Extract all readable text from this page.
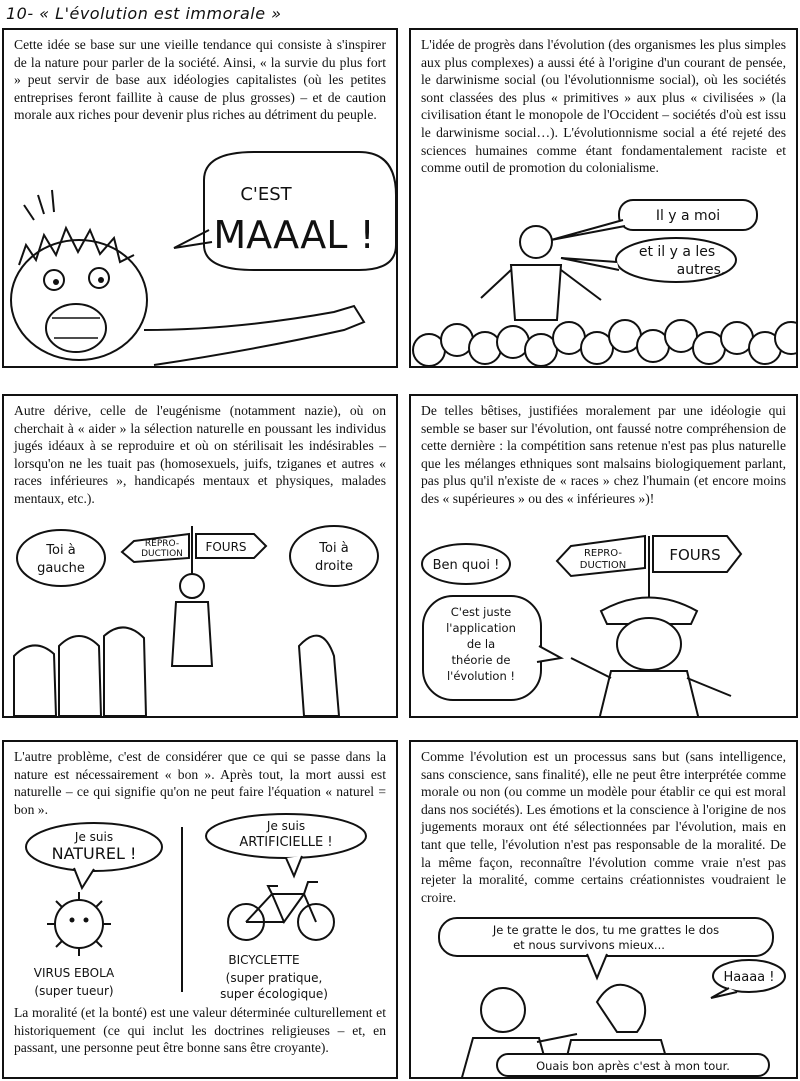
10- « L'évolution est immorale »
Cette idée se base sur une vieille tendance qui consiste à s'inspirer de la nature pour parler de la société. Ainsi, « la survie du plus fort » peut servir de base aux idéologies capitalistes (où les petites entreprises feront faillite à cause de plus grosses) – et de caution morale aux riches pour devenir plus riches au détriment du peuple.
C'EST
MAAAL !
L'idée de progrès dans l'évolution (des organismes les plus simples aux plus complexes) a aussi été à l'origine d'un courant de pensée, le darwinisme social (ou l'évolutionnisme social), où les sociétés sont classées des plus « primitives » aux plus « civilisées » (la civilisation étant le monopole de l'Occident – sociétés d'où est issu le darwinisme social…). L'évolutionnisme social a été rejeté des sciences humaines comme étant fondamentalement raciste et comme outil de promotion du colonialisme.
Il y a moi
et il y a les
autres.
Autre dérive, celle de l'eugénisme (notamment nazie), où on cherchait à « aider » la sélection naturelle en poussant les individus jugés idéaux à se reproduire et où on stérilisait les indésirables – lorsqu'on ne les tuait pas (homosexuels, juifs, tziganes et autres « races inférieures », handicapés mentaux et physiques, malades mentaux, etc.).
REPRO-
DUCTION FOURS
Toi à
gauche
Toi à
droite
De telles bêtises, justifiées moralement par une idéologie qui semble se baser sur l'évolution, ont faussé notre compréhension de cette dernière : la compétition sans retenue n'est pas plus naturelle que les mélanges ethniques sont malsains biologiquement parlant, pas plus qu'il n'existe de « races » chez l'humain (et encore moins des « supérieures » ou des « inférieures »)!
Ben quoi !
REPRO-
DUCTION
FOURS
C'est juste
l'application
de la
théorie de
l'évolution !
L'autre problème, c'est de considérer que ce qui se passe dans la nature est nécessairement « bon ». Après tout, la mort aussi est naturelle – ce qui signifie qu'on ne peut faire l'équation « naturel = bon ».
Je suis
NATUREL !
VIRUS EBOLA
(super tueur)
Je suis
ARTIFICIELLE !
BICYCLETTE
(super pratique,
super écologique)
La moralité (et la bonté) est une valeur déterminée culturellement et historiquement (ce qui inclut les doctrines religieuses – et, en passant, une personne peut être bonne sans être croyante).
Comme l'évolution est un processus sans but (sans intelligence, sans conscience, sans finalité), elle ne peut être interprétée comme morale ou non (ou comme un modèle pour établir ce qui est moral dans nos sociétés). Les émotions et la conscience à l'origine de nos jugements moraux ont été sélectionnées par l'évolution, mais en tant que telle, l'évolution n'est pas responsable de la moralité. De la même façon, reconnaître l'évolution comme vraie n'est pas rejeter la moralité, comme certains créationnistes voudraient le croire.
Je te gratte le dos, tu me grattes le dos
et nous survivons mieux...
Haaaa !
Ouais bon après c'est à mon tour.
